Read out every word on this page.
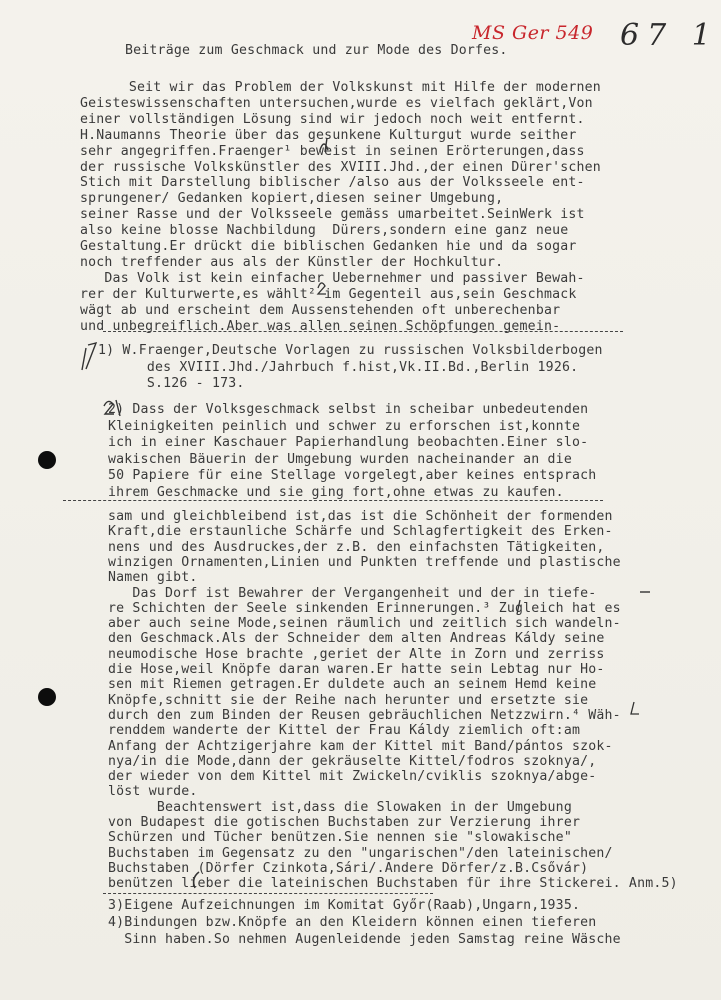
MS Ger 549 67 1
Beiträge zum Geschmack und zur Mode des Dorfes.
Seit wir das Problem der Volkskunst mit Hilfe der modernen
Geisteswissenschaften untersuchen,wurde es vielfach geklärt,Von
einer vollständigen Lösung sind wir jedoch noch weit entfernt.
H.Naumanns Theorie über das gesunkene Kulturgut wurde seither
sehr angegriffen.Fraenger¹ beweist in seinen Erörterungen,dass
der russische Volkskünstler des XVIII.Jhd.,der einen Dürer'schen
Stich mit Darstellung biblischer /also aus der Volksseele ent-
sprungener/ Gedanken kopiert,diesen seiner Umgebung,
seiner Rasse und der Volksseele gemäss umarbeitet.SeinWerk ist
also keine blosse Nachbildung  Dürers,sondern eine ganz neue
Gestaltung.Er drückt die biblischen Gedanken hie und da sogar
noch treffender aus als der Künstler der Hochkultur.
Das Volk ist kein einfacher Uebernehmer und passiver Bewah-
rer der Kulturwerte,es wählt² im Gegenteil aus,sein Geschmack
wägt ab und erscheint dem Aussenstehenden oft unberechenbar
und unbegreiflich.Aber was allen seinen Schöpfungen gemein-
1) W.Fraenger,Deutsche Vorlagen zu russischen Volksbilderbogen
des XVIII.Jhd./Jahrbuch f.hist,Vk.II.Bd.,Berlin 1926.
S.126 - 173.
2) Dass der Volksgeschmack selbst in scheibar unbedeutenden
Kleinigkeiten peinlich und schwer zu erforschen ist,konnte
ich in einer Kaschauer Papierhandlung beobachten.Einer slo-
wakischen Bäuerin der Umgebung wurden nacheinander an die
50 Papiere für eine Stellage vorgelegt,aber keines entsprach
ihrem Geschmacke und sie ging fort,ohne etwas zu kaufen.
sam und gleichbleibend ist,das ist die Schönheit der formenden
Kraft,die erstaunliche Schärfe und Schlagfertigkeit des Erken-
nens und des Ausdruckes,der z.B. den einfachsten Tätigkeiten,
winzigen Ornamenten,Linien und Punkten treffende und plastische
Namen gibt.
Das Dorf ist Bewahrer der Vergangenheit und der in tiefe-
re Schichten der Seele sinkenden Erinnerungen.³ Zugleich hat es
aber auch seine Mode,seinen räumlich und zeitlich sich wandeln-
den Geschmack.Als der Schneider dem alten Andreas Káldy seine
neumodische Hose brachte ,geriet der Alte in Zorn und zerriss
die Hose,weil Knöpfe daran waren.Er hatte sein Lebtag nur Ho-
sen mit Riemen getragen.Er duldete auch an seinem Hemd keine
Knöpfe,schnitt sie der Reihe nach herunter und ersetzte sie
durch den zum Binden der Reusen gebräuchlichen Netzzwirn.⁴ Wäh-
renddem wanderte der Kittel der Frau Káldy ziemlich oft:am
Anfang der Achtzigerjahre kam der Kittel mit Band/pántos szok-
nya/in die Mode,dann der gekräuselte Kittel/fodros szoknya/,
der wieder von dem Kittel mit Zwickeln/cviklis szoknya/abge-
löst wurde.
Beachtenswert ist,dass die Slowaken in der Umgebung
von Budapest die gotischen Buchstaben zur Verzierung ihrer
Schürzen und Tücher benützen.Sie nennen sie "slowakische"
Buchstaben im Gegensatz zu den "ungarischen"/den lateinischen/
Buchstaben (Dörfer Czinkota,Sári/.Andere Dörfer/z.B.Csővár)
benützen lieber die lateinischen Buchstaben für ihre Stickerei. Anm.5)
3)Eigene Aufzeichnungen im Komitat Győr(Raab),Ungarn,1935.
4)Bindungen bzw.Knöpfe an den Kleidern können einen tieferen
Sinn haben.So nehmen Augenleidende jeden Samstag reine Wäsche
